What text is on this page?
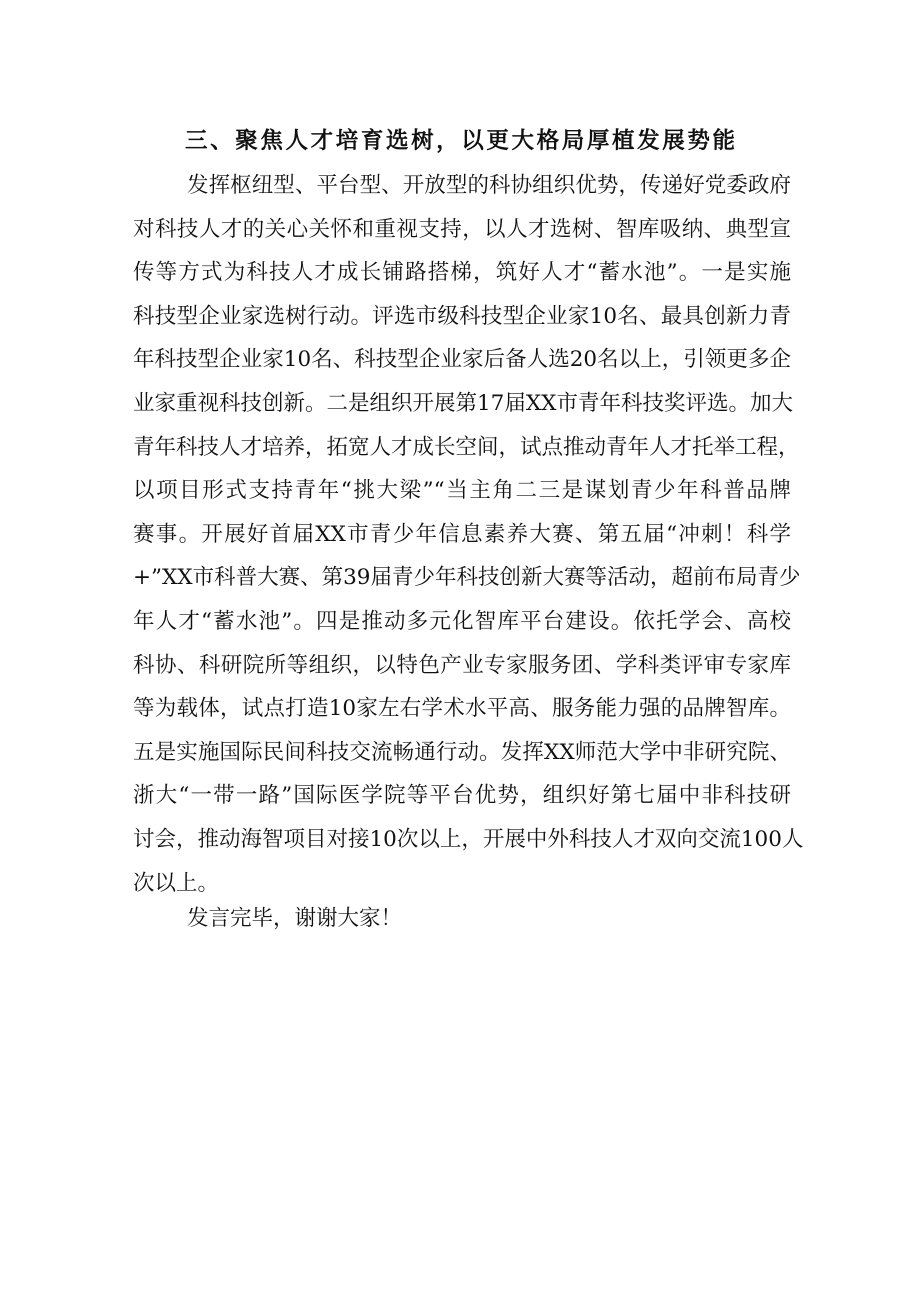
三、聚焦人才培育选树，以更大格局厚植发展势能
发挥枢纽型、平台型、开放型的科协组织优势，传递好党委政府
对科技人才的关心关怀和重视支持，以人才选树、智库吸纳、典型宣
传等方式为科技人才成长铺路搭梯，筑好人才“蓄水池”。一是实施
科技型企业家选树行动。评选市级科技型企业家10名、最具创新力青
年科技型企业家10名、科技型企业家后备人选20名以上，引领更多企
业家重视科技创新。二是组织开展第17届XX市青年科技奖评选。加大
青年科技人才培养，拓宽人才成长空间，试点推动青年人才托举工程，
以项目形式支持青年“挑大梁”“当主角二三是谋划青少年科普品牌
赛事。开展好首届XX市青少年信息素养大赛、第五届“冲刺！科学
+”XX市科普大赛、第39届青少年科技创新大赛等活动，超前布局青少
年人才“蓄水池”。四是推动多元化智库平台建设。依托学会、高校
科协、科研院所等组织，以特色产业专家服务团、学科类评审专家库
等为载体，试点打造10家左右学术水平高、服务能力强的品牌智库。
五是实施国际民间科技交流畅通行动。发挥XX师范大学中非研究院、
浙大“一带一路”国际医学院等平台优势，组织好第七届中非科技研
讨会，推动海智项目对接10次以上，开展中外科技人才双向交流100人
次以上。
发言完毕，谢谢大家！
